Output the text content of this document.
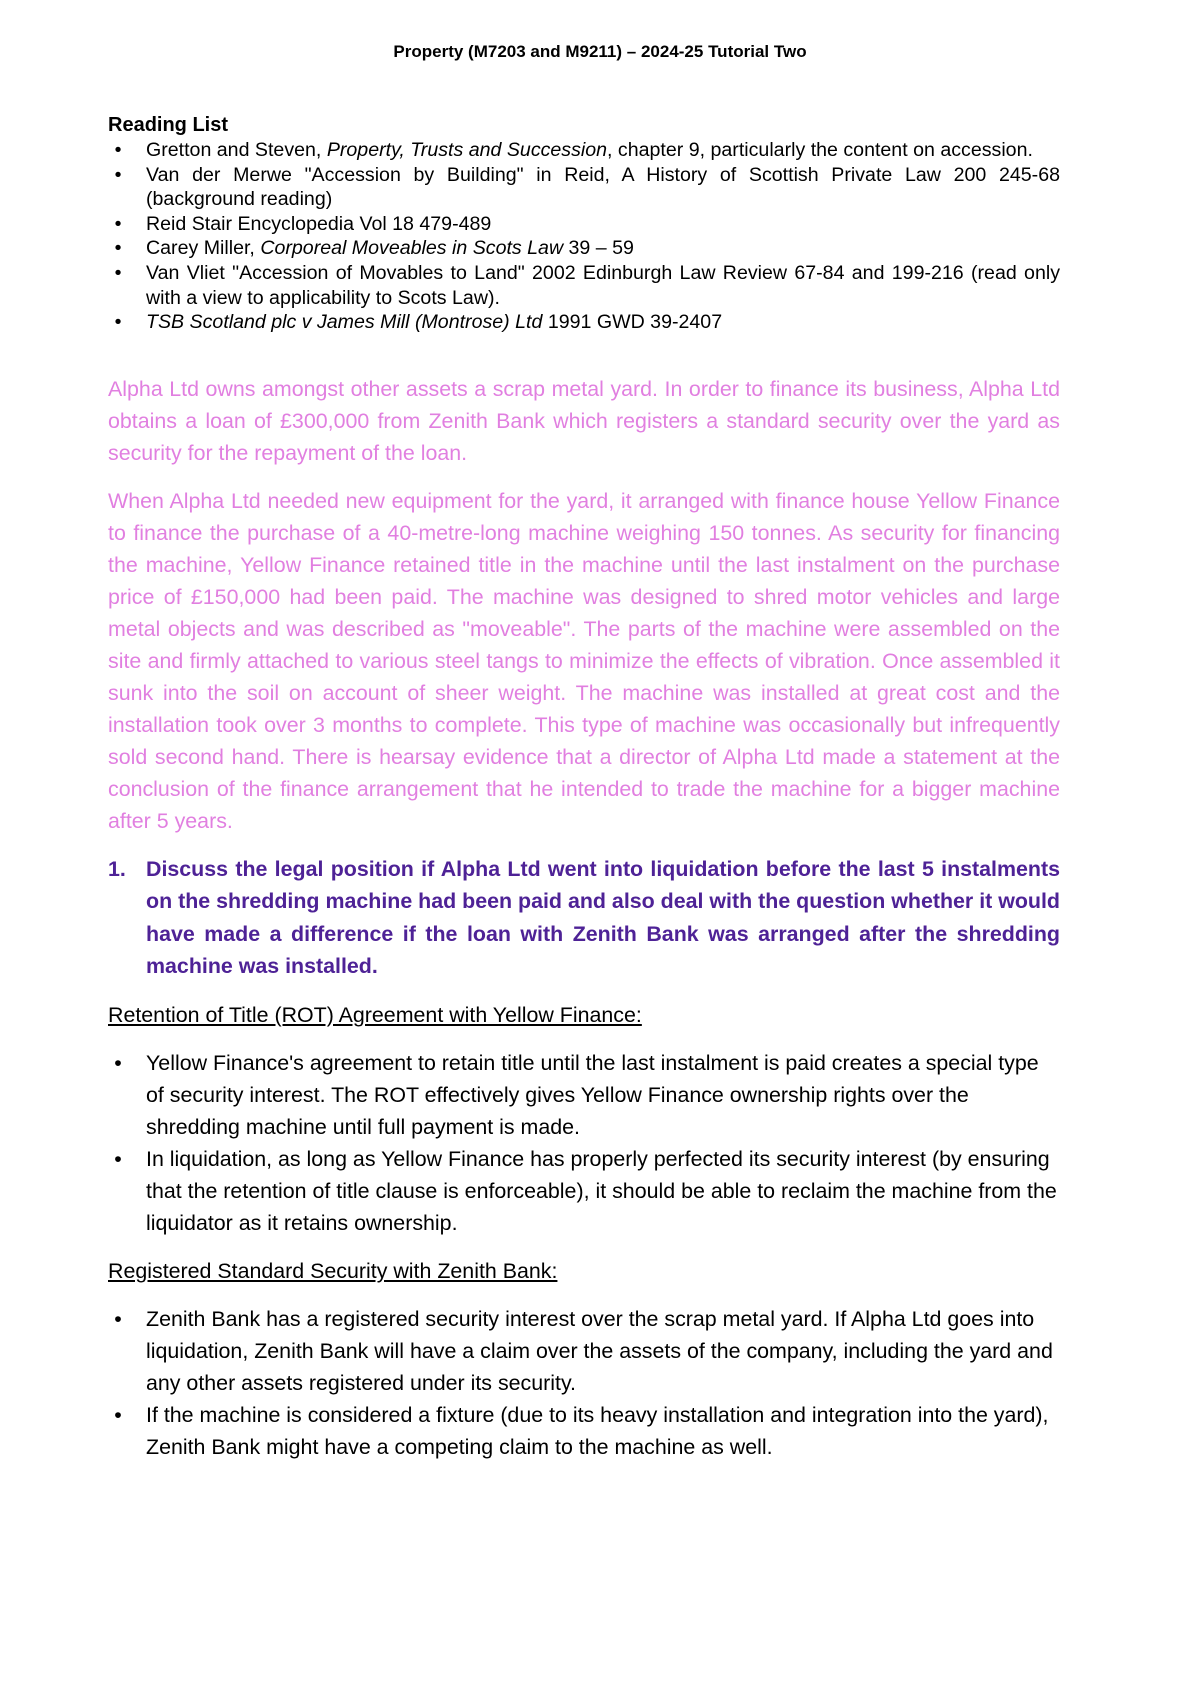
Property (M7203 and M9211) – 2024-25 Tutorial Two

Reading List

•	Gretton and Steven, Property, Trusts and Succession, chapter 9, particularly the content on accession.
•	Van der Merwe "Accession by Building" in Reid, A History of Scottish Private Law 200 245-68 (background reading)
•	Reid Stair Encyclopedia Vol 18 479-489
•	Carey Miller, Corporeal Moveables in Scots Law 39 – 59
•	Van Vliet "Accession of Movables to Land" 2002 Edinburgh Law Review 67-84 and 199-216 (read only with a view to applicability to Scots Law).
•	TSB Scotland plc v James Mill (Montrose) Ltd 1991 GWD 39-2407

Alpha Ltd owns amongst other assets a scrap metal yard. In order to finance its business, Alpha Ltd obtains a loan of £300,000 from Zenith Bank which registers a standard security over the yard as security for the repayment of the loan.

When Alpha Ltd needed new equipment for the yard, it arranged with finance house Yellow Finance to finance the purchase of a 40-metre-long machine weighing 150 tonnes. As security for financing the machine, Yellow Finance retained title in the machine until the last instalment on the purchase price of £150,000 had been paid. The machine was designed to shred motor vehicles and large metal objects and was described as "moveable". The parts of the machine were assembled on the site and firmly attached to various steel tangs to minimize the effects of vibration. Once assembled it sunk into the soil on account of sheer weight. The machine was installed at great cost and the installation took over 3 months to complete. This type of machine was occasionally but infrequently sold second hand. There is hearsay evidence that a director of Alpha Ltd made a statement at the conclusion of the finance arrangement that he intended to trade the machine for a bigger machine after 5 years.

1. Discuss the legal position if Alpha Ltd went into liquidation before the last 5 instalments on the shredding machine had been paid and also deal with the question whether it would have made a difference if the loan with Zenith Bank was arranged after the shredding machine was installed.

Retention of Title (ROT) Agreement with Yellow Finance:

• Yellow Finance's agreement to retain title until the last instalment is paid creates a special type of security interest. The ROT effectively gives Yellow Finance ownership rights over the shredding machine until full payment is made.
• In liquidation, as long as Yellow Finance has properly perfected its security interest (by ensuring that the retention of title clause is enforceable), it should be able to reclaim the machine from the liquidator as it retains ownership.

Registered Standard Security with Zenith Bank:

• Zenith Bank has a registered security interest over the scrap metal yard. If Alpha Ltd goes into liquidation, Zenith Bank will have a claim over the assets of the company, including the yard and any other assets registered under its security.
• If the machine is considered a fixture (due to its heavy installation and integration into the yard), Zenith Bank might have a competing claim to the machine as well.
